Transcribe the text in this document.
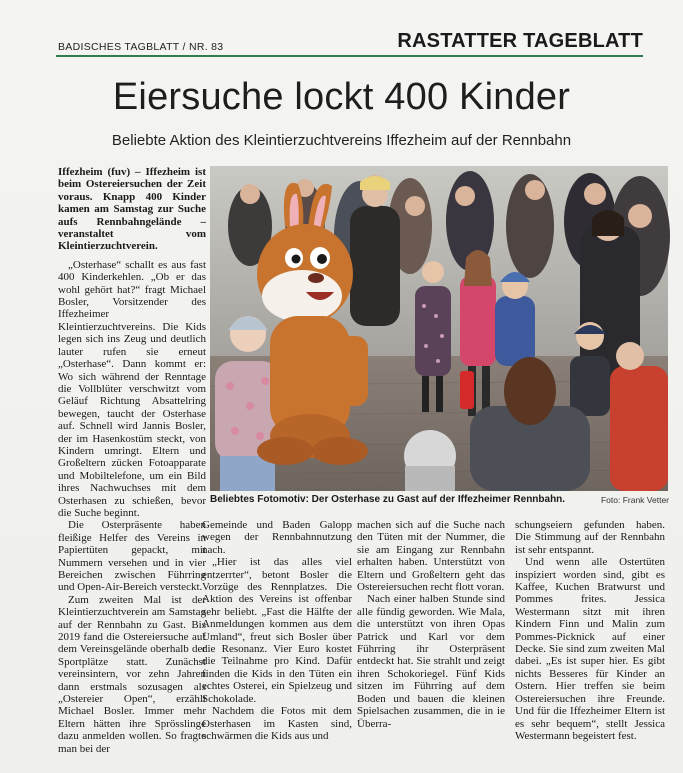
BADISCHES TAGBLATT / NR. 83	RASTATTER TAGEBLATT
Eiersuche lockt 400 Kinder
Beliebte Aktion des Kleintierzuchtvereins Iffezheim auf der Rennbahn

Iffezheim (fuv) – Iffezheim ist beim Ostereiersuchen der Zeit voraus. Knapp 400 Kinder kamen am Samstag zur Suche aufs Rennbahngelände – veranstaltet vom Kleintierzuchtverein.

„Osterhase“ schallt es aus fast 400 Kinderkehlen. „Ob er das wohl gehört hat?“ fragt Michael Bosler, Vorsitzender des Iffezheimer Kleintierzuchtvereins. Die Kids legen sich ins Zeug und deutlich lauter rufen sie erneut „Osterhase“. Dann kommt er: Wo sich während der Renntage die Vollblüter verschwitzt vom Geläuf Richtung Absattelring bewegen, taucht der Osterhase auf. Schnell wird Jannis Bosler, der im Hasenkostüm steckt, von Kindern umringt. Eltern und Großeltern zücken Fotoapparate und Mobiltelefone, um ein Bild ihres Nachwuchses mit dem Osterhasen zu schießen, bevor die Suche beginnt.

Die Osterpräsente haben fleißige Helfer des Vereins in Papiertüten gepackt, mit Nummern versehen und in vier Bereichen zwischen Führring und Open-Air-Bereich versteckt.

Zum zweiten Mal ist der Kleintierzuchtverein am Samstag auf der Rennbahn zu Gast. Bis 2019 fand die Ostereiersuche auf dem Vereinsgelände oberhalb der Sportplätze statt. Zunächst vereinsintern, vor zehn Jahren dann erstmals sozusagen als „Ostereier Open“, erzählt Michael Bosler. Immer mehr Eltern hätten ihre Sprösslinge dazu anmelden wollen. So fragte man bei der

Beliebtes Fotomotiv: Der Osterhase zu Gast auf der Iffezheimer Rennbahn.	Foto: Frank Vetter

Gemeinde und Baden Galopp wegen der Rennbahnnutzung nach.

„Hier ist das alles viel entzerrter“, betont Bosler die Vorzüge des Rennplatzes. Die Aktion des Vereins ist offenbar sehr beliebt. „Fast die Hälfte der Anmeldungen kommen aus dem Umland“, freut sich Bosler über die Resonanz. Vier Euro kostet die Teilnahme pro Kind. Dafür finden die Kids in den Tüten ein echtes Osterei, ein Spielzeug und Schokolade.

Nachdem die Fotos mit dem Osterhasen im Kasten sind, schwärmen die Kids aus und

machen sich auf die Suche nach den Tüten mit der Nummer, die sie am Eingang zur Rennbahn erhalten haben. Unterstützt von Eltern und Großeltern geht das Ostereiersuchen recht flott voran.

Nach einer halben Stunde sind alle fündig geworden. Wie Mala, die unterstützt von ihren Opas Patrick und Karl vor dem Führring ihr Osterpräsent entdeckt hat. Sie strahlt und zeigt ihren Schokoriegel. Fünf Kids sitzen im Führring auf dem Boden und bauen die kleinen Spielsachen zusammen, die in ie Überra-

schungseiern gefunden haben. Die Stimmung auf der Rennbahn ist sehr entspannt.

Und wenn alle Ostertüten inspiziert worden sind, gibt es Kaffee, Kuchen Bratwurst und Pommes frites. Jessica Westermann sitzt mit ihren Kindern Finn und Malin zum Pommes-Picknick auf einer Decke. Sie sind zum zweiten Mal dabei. „Es ist super hier. Es gibt nichts Besseres für Kinder an Ostern. Hier treffen sie beim Ostereiersuchen ihre Freunde. Und für die Iffezheimer Eltern ist es sehr bequem“, stellt Jessica Westermann begeistert fest.
